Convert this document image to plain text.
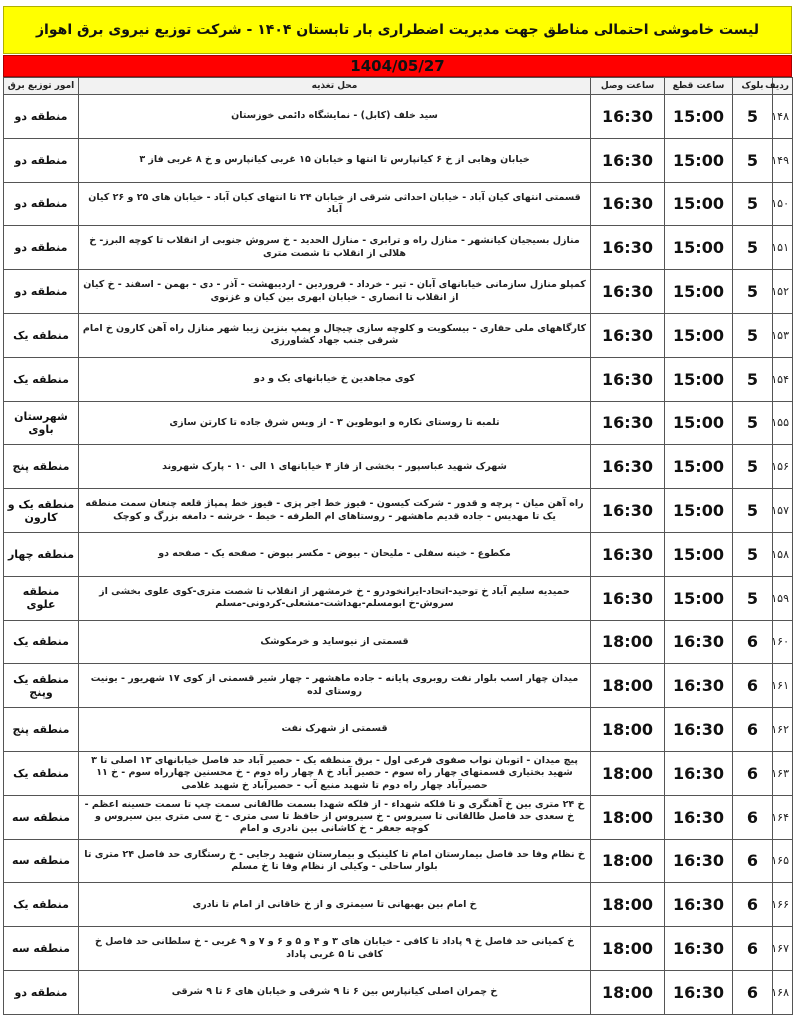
لیست خاموشی احتمالی مناطق جهت مدیریت اضطراری بار تابستان ۱۴۰۴ - شرکت توزیع نیروی برق اهواز
1404/05/27
ردیف	بلوک	ساعت قطع	ساعت وصل	محل تغذیه	امور توزیع برق
۱۴۸	5	15:00	16:30	سید خلف (کابل) - نمایشگاه دائمی خوزستان	منطقه دو
۱۴۹	5	15:00	16:30	خیابان وهابی از خ ۶ کیانپارس تا انتها و خیابان ۱۵ غربی کیانپارس و خ ۸ غربی فاز ۳	منطقه دو
۱۵۰	5	15:00	16:30	قسمتی انتهای کیان آباد - خیابان احداثی شرقی از خیابان ۲۴ تا انتهای کیان آباد - خیابان های ۲۵ و ۲۶ کیان آباد	منطقه دو
۱۵۱	5	15:00	16:30	منازل بسیجیان کیانشهر - منازل راه و ترابری - منازل الحدید - خ سروش جنوبی از انقلاب تا کوچه البرز- خ هلالی از انقلاب تا شصت متری	منطقه دو
۱۵۲	5	15:00	16:30	کمپلو منازل سازمانی خیابانهای آبان - تیر - خرداد - فروردین - اردیبهشت - آذر - دی - بهمن - اسفند - خ کیان از انقلاب تا انصاری - خیابان ابهری بین کیان و غزنوی	منطقه دو
۱۵۳	5	15:00	16:30	کارگاههای ملی حفاری - بیسکویت و کلوچه سازی چیچال و پمپ بنزین زیبا شهر منازل راه آهن کارون خ امام شرقی جنب جهاد کشاورزی	منطقه یک
۱۵۴	5	15:00	16:30	کوی مجاهدین خ خیابانهای یک و دو	منطقه یک
۱۵۵	5	15:00	16:30	تلمبه تا روستای نکاره و ابوطوین ۳ - از ویس شرق جاده تا کارتن سازی	شهرستان باوی
۱۵۶	5	15:00	16:30	شهرک شهید عباسپور - بخشی از فاز ۴ خیابانهای ۱ الی ۱۰ - پارک شهروند	منطقه پنج
۱۵۷	5	15:00	16:30	راه آهن میان - پرچه و قدور - شرکت کیسون - فیوز خط اجر پزی - فیوز خط پمپاژ قلعه چنعان سمت منطقه یک تا مهدیس - جاده قدیم ماهشهر - روستاهای ام الطرفه - خیط - خرشه - دامغه بزرگ و کوچک	منطقه یک و کارون
۱۵۸	5	15:00	16:30	مکطوع - خینه سفلی - ملیحان - بیوض - مکسر بیوض - صفحه یک - صفحه دو	منطقه چهار
۱۵۹	5	15:00	16:30	حمیدیه سلیم آباد خ توحید-اتحاد-ایرانخودرو - خ خرمشهر از انقلاب تا شصت متری-کوی علوی بخشی از سروش-خ ابومسلم-بهداشت-مشعلی-کردونی-مسلم	منطقه علوی
۱۶۰	6	16:30	18:00	قسمتی از نیوساید و خرمکوشک	منطقه یک
۱۶۱	6	16:30	18:00	میدان چهار اسب بلوار نفت روبروی پایانه - جاده ماهشهر - چهار شیر قسمتی از کوی ۱۷ شهریور - یونیت روستای لده	منطقه یک وپنج
۱۶۲	6	16:30	18:00	قسمتی از شهرک نفت	منطقه پنج
۱۶۳	6	16:30	18:00	پیچ میدان - اتوبان نواب صفوی فرعی اول - برق منطقه یک - حصیر آباد حد فاصل خیابانهای ۱۳ اصلی تا ۳ شهید بختیاری قسمتهای چهار راه سوم - حصیر آباد خ ۸ چهار راه دوم - خ محسنین چهارراه سوم - خ ۱۱ حصیرآباد چهار راه دوم تا شهید منیع آب - حصیرآباد خ شهید غلامی	منطقه یک
۱۶۴	6	16:30	18:00	خ ۲۴ متری بین خ آهنگری و تا فلکه شهداء - از فلکه شهدا بسمت طالقانی سمت چپ تا سمت حسینه اعظم - خ سعدی حد فاصل طالقانی تا سیروس - خ سیروس از حافظ تا سی متری - خ سی متری بین سیروس و کوچه جعفر - خ کاشانی بین نادری و امام	منطقه سه
۱۶۵	6	16:30	18:00	خ نظام وفا حد فاصل بیمارستان امام تا کلینیک و بیمارستان شهید رجایی - خ رستگاری حد فاصل ۲۴ متری تا بلوار ساحلی - وکیلی از نظام وفا تا خ مسلم	منطقه سه
۱۶۶	6	16:30	18:00	خ امام بین بهبهانی تا سیمتری و از خ خاقانی از امام تا نادری	منطقه یک
۱۶۷	6	16:30	18:00	خ کمیانی حد فاصل خ ۹ پاداد تا کافی - خیابان های ۳ و ۴ و ۵ و ۶ و ۷ و ۹ غربی - خ سلطانی حد فاصل خ کافی تا ۵ غربی پاداد	منطقه سه
۱۶۸	6	16:30	18:00	خ چمران اصلی کیانپارس بین ۶ تا ۹ شرقی و خیابان های ۶ تا ۹ شرقی	منطقه دو
